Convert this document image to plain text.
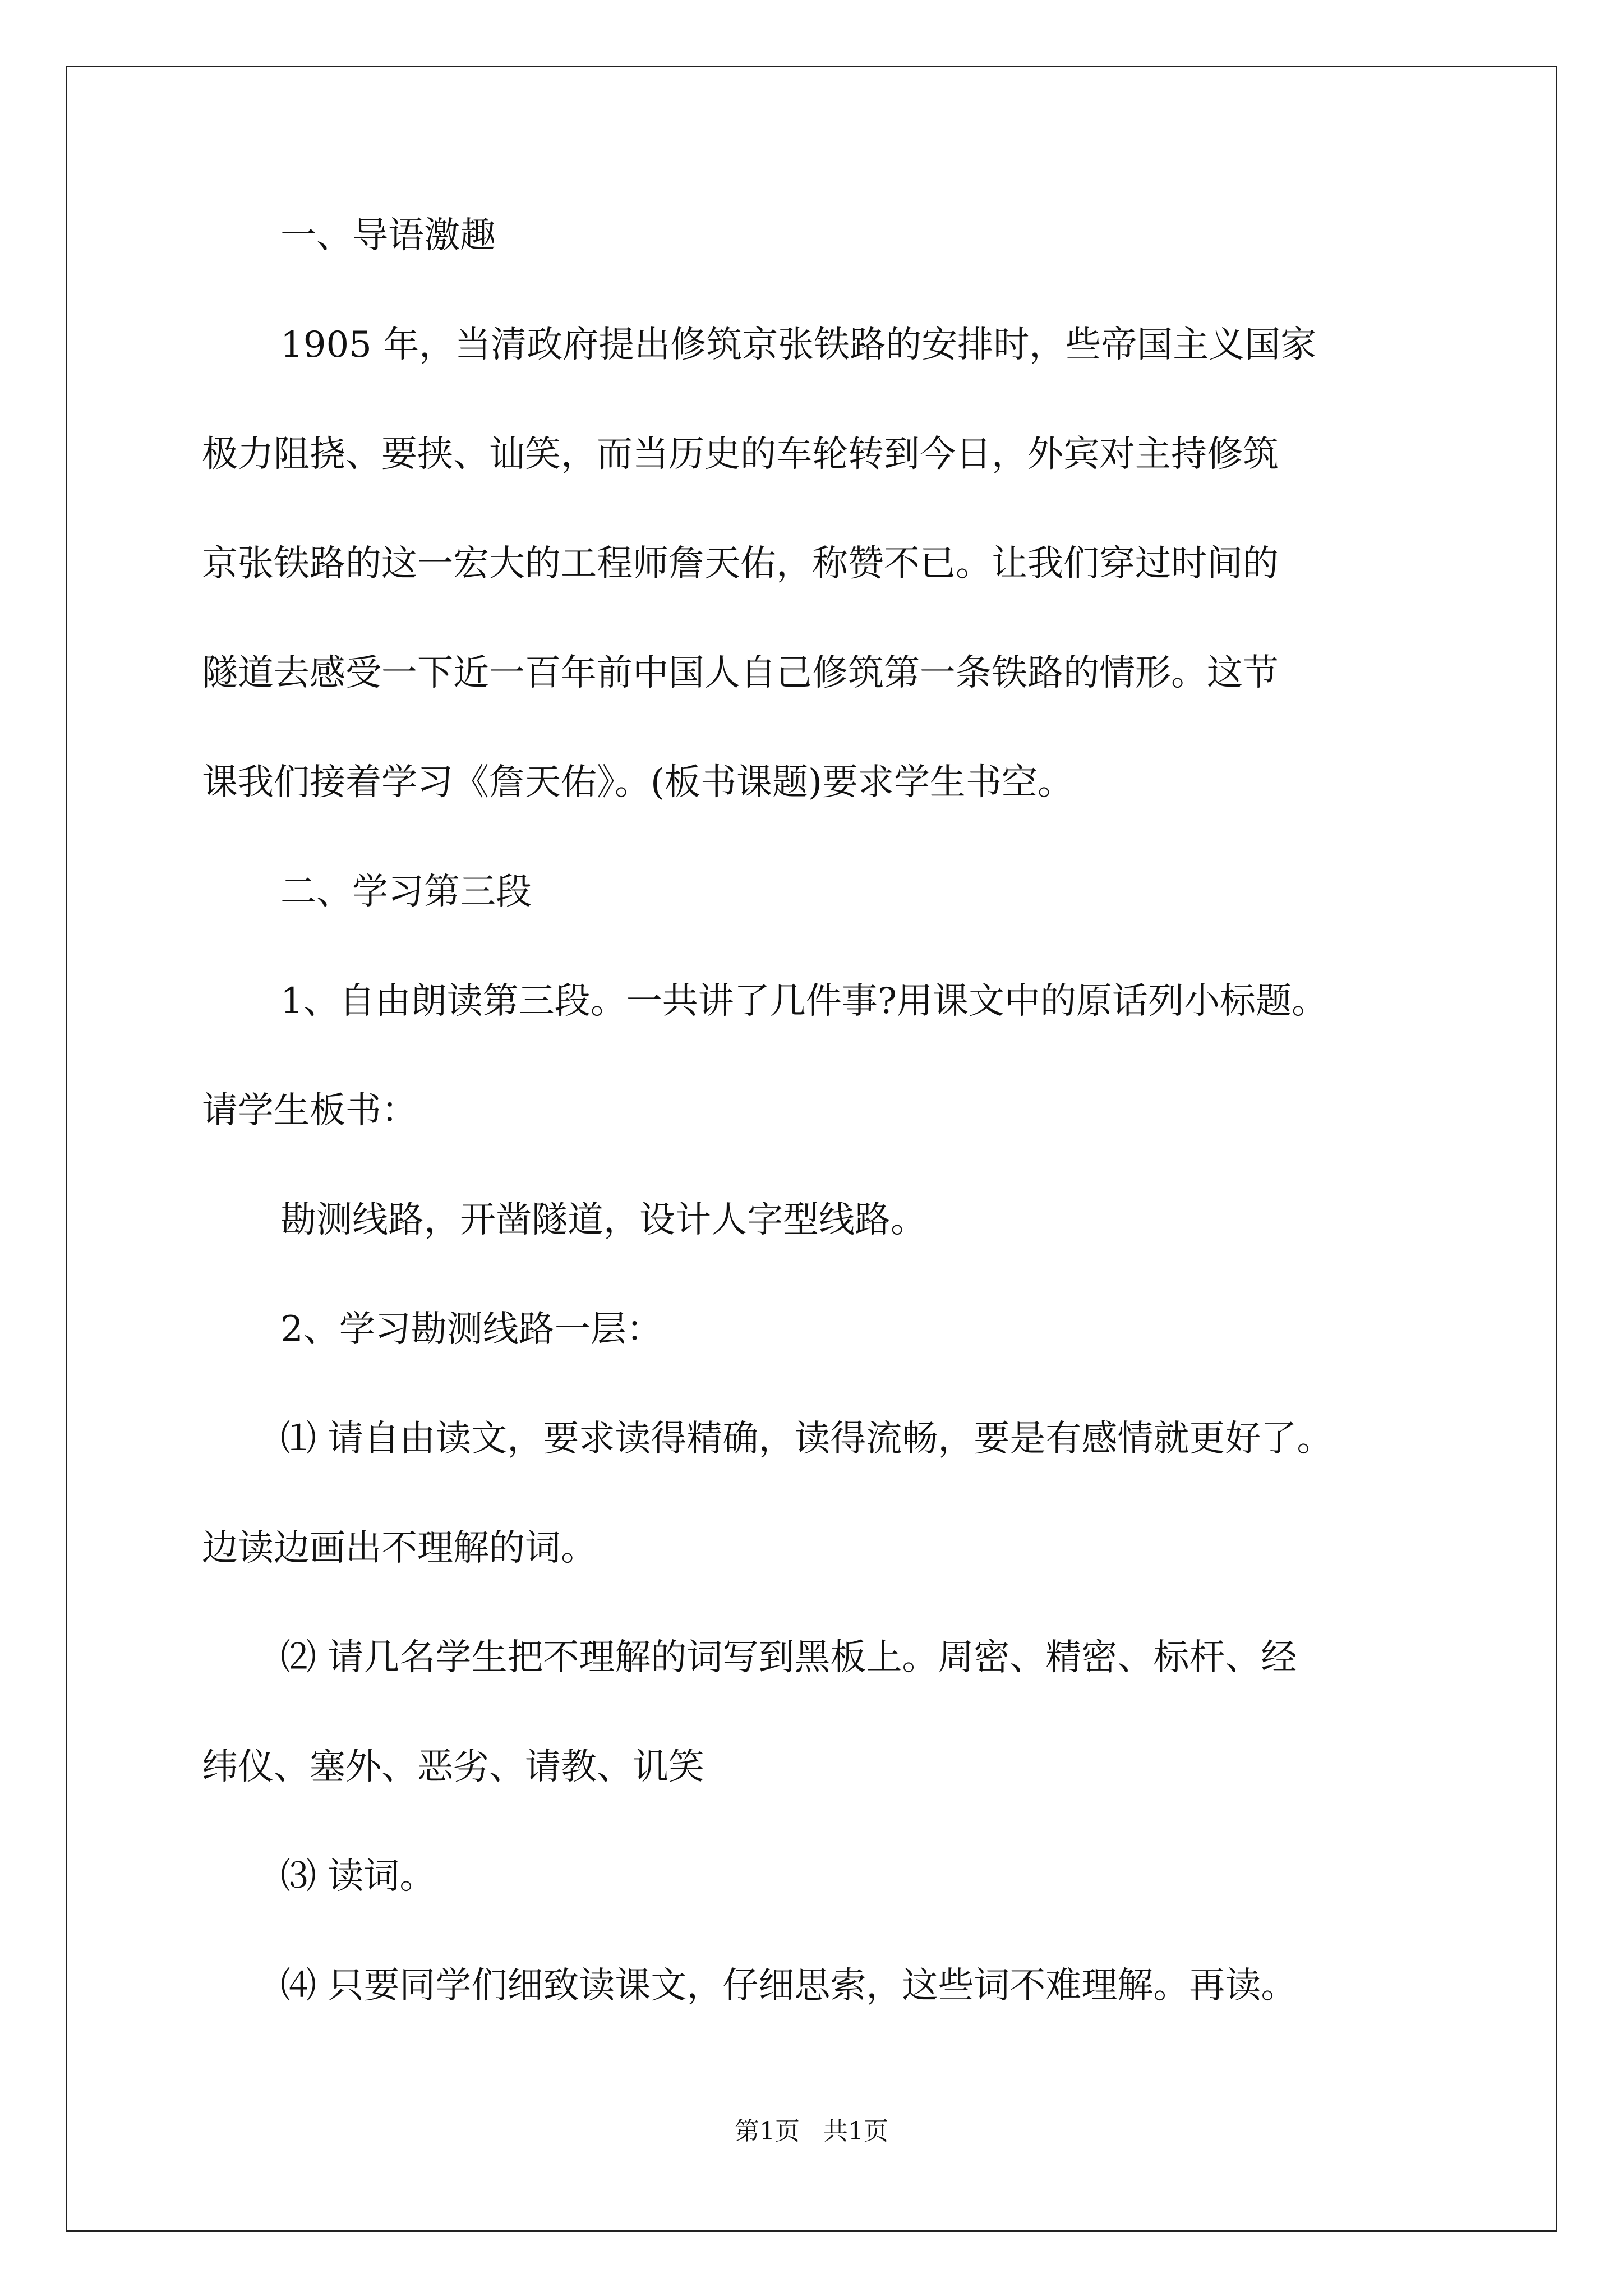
一、导语激趣
1905 年，当清政府提出修筑京张铁路的安排时，些帝国主义国家
极力阻挠、要挟、讪笑，而当历史的车轮转到今日，外宾对主持修筑
京张铁路的这一宏大的工程师詹天佑，称赞不已。让我们穿过时间的
隧道去感受一下近一百年前中国人自己修筑第一条铁路的情形。这节
课我们接着学习《詹天佑》。(板书课题)要求学生书空。
二、学习第三段
1、自由朗读第三段。一共讲了几件事?用课文中的原话列小标题。
请学生板书：
勘测线路，开凿隧道，设计人字型线路。
2、学习勘测线路一层：
⑴ 请自由读文，要求读得精确，读得流畅，要是有感情就更好了。
边读边画出不理解的词。
⑵ 请几名学生把不理解的词写到黑板上。周密、精密、标杆、经
纬仪、塞外、恶劣、请教、讥笑
⑶ 读词。
⑷ 只要同学们细致读课文，仔细思索，这些词不难理解。再读。
第1页   共1页
